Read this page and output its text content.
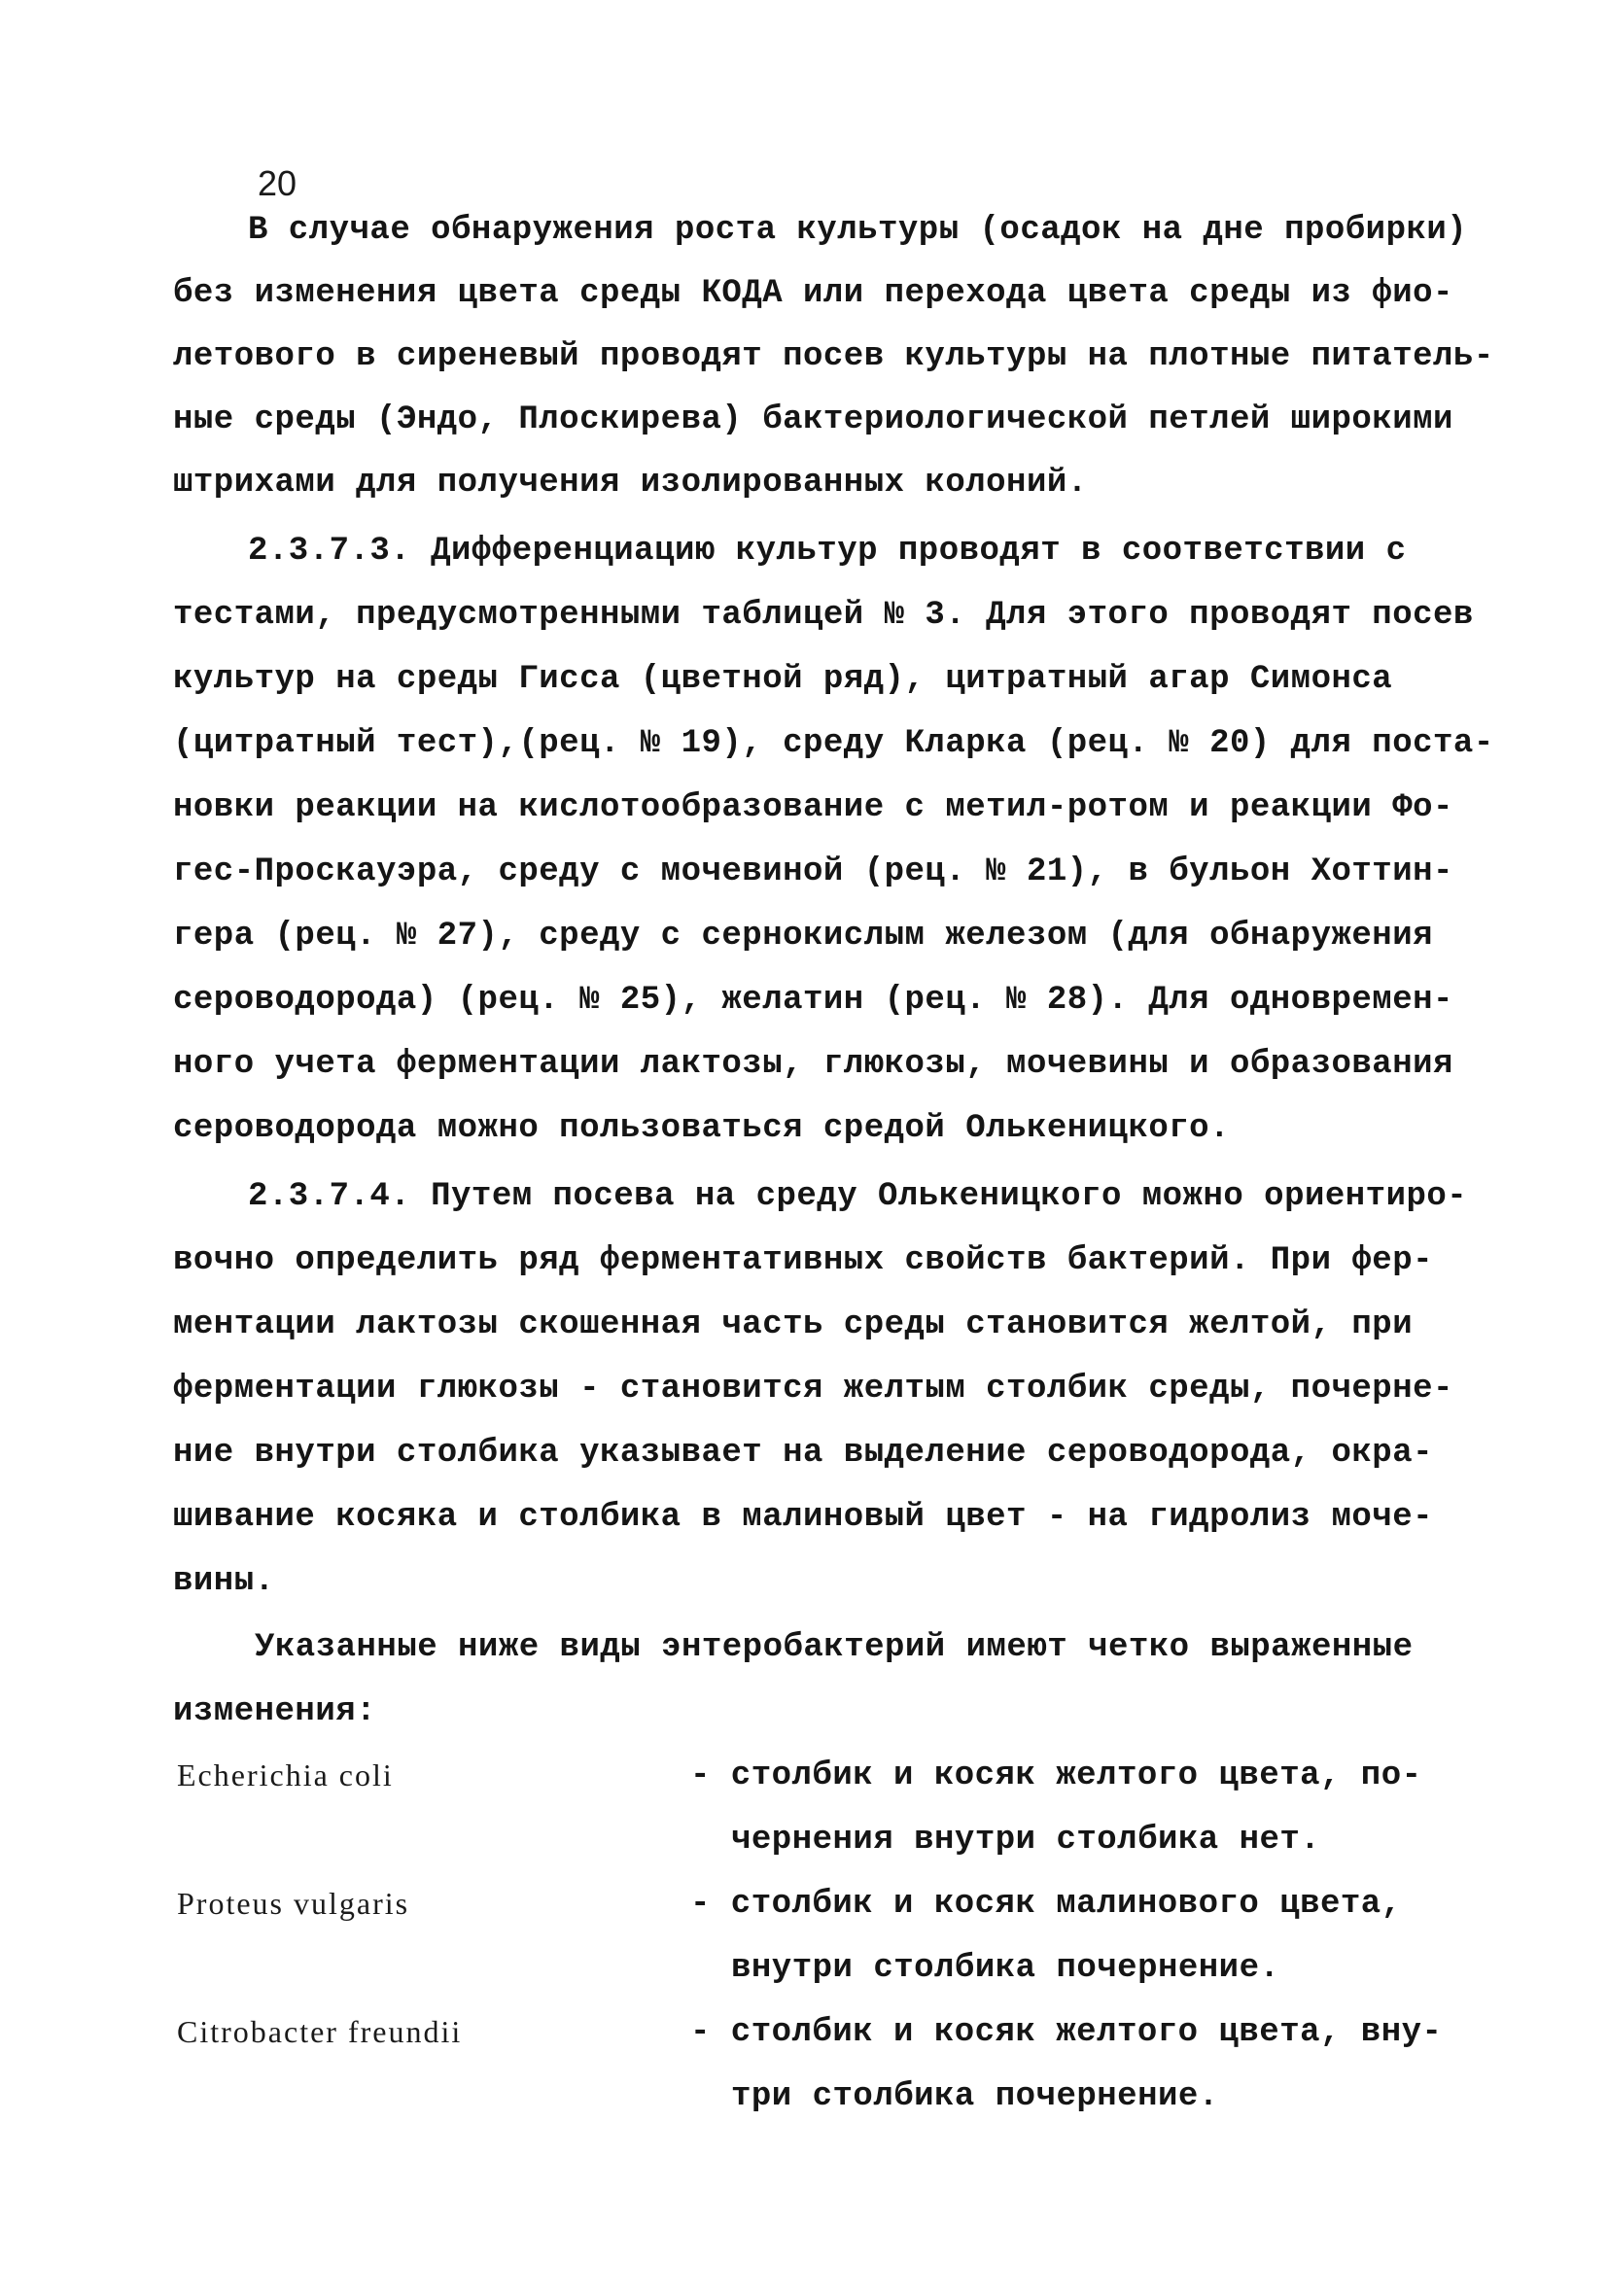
20
В случае обнаружения роста культуры (осадок на дне пробирки)
без изменения цвета среды КОДА или перехода цвета среды из фио-
летового в сиреневый проводят посев культуры на плотные питатель-
ные среды (Эндо, Плоскирева) бактериологической петлей широкими
штрихами для получения изолированных колоний.
2.3.7.3. Дифференциацию культур проводят в соответствии с
тестами, предусмотренными таблицей № 3. Для этого проводят посев
культур на среды Гисса (цветной ряд), цитратный агар Симонса
(цитратный тест),(рец. № 19), среду Кларка (рец. № 20) для поста-
новки реакции на кислотообразование с метил-ротом и реакции Фо-
гес-Проскауэра, среду с мочевиной (рец. № 21), в бульон Хоттин-
гера (рец. № 27), среду с сернокислым железом (для обнаружения
сероводорода) (рец. № 25), желатин (рец. № 28). Для одновремен-
ного учета ферментации лактозы, глюкозы, мочевины и образования
сероводорода можно пользоваться средой Олькеницкого.
2.3.7.4. Путем посева на среду Олькеницкого можно ориентиро-
вочно определить ряд ферментативных свойств бактерий. При фер-
ментации лактозы скошенная часть среды становится желтой, при
ферментации глюкозы - становится желтым столбик среды, почерне-
ние внутри столбика указывает на выделение сероводорода, окра-
шивание косяка и столбика в малиновый цвет - на гидролиз моче-
вины.
Указанные ниже виды энтеробактерий имеют четко выраженные
изменения:
Echerichia coli	- столбик и косяк желтого цвета, по-
чернения внутри столбика нет.
Proteus vulgaris	- столбик и косяк малинового цвета,
внутри столбика почернение.
Citrobacter freundii	- столбик и косяк желтого цвета, вну-
три столбика почернение.
